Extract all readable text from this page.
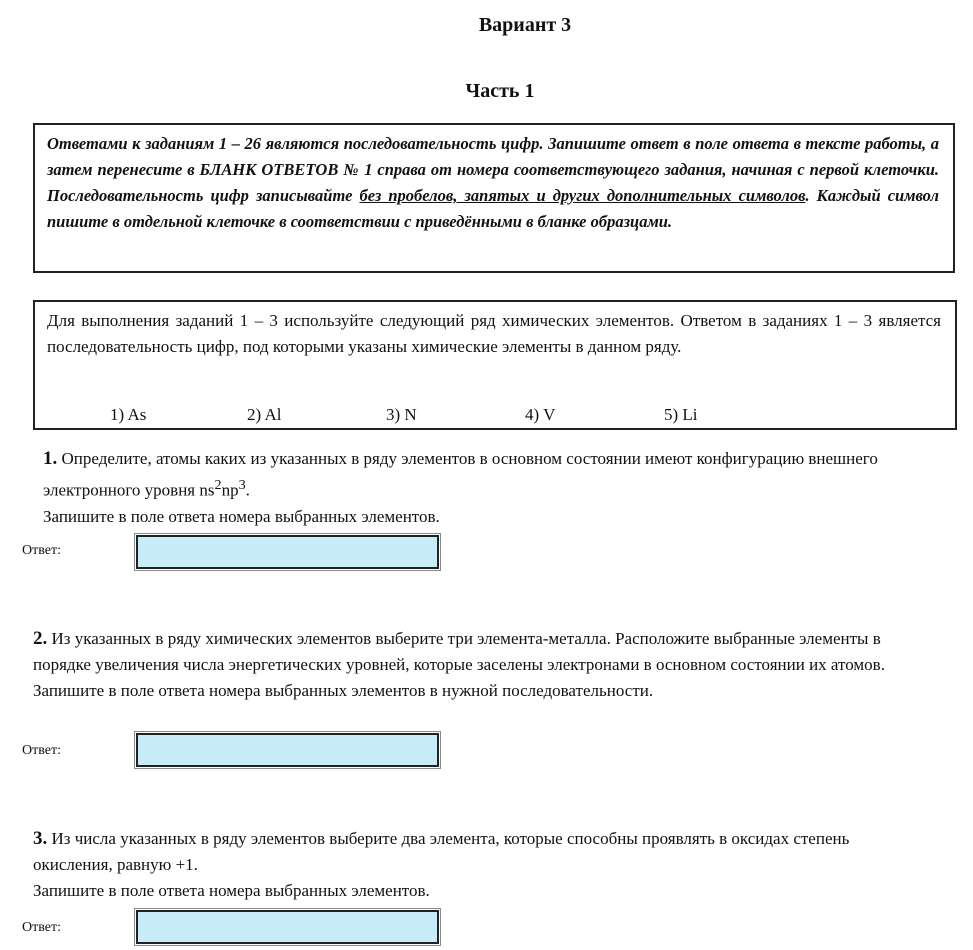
Вариант 3
Часть 1
Ответами к заданиям 1 – 26 являются последовательность цифр. Запишите ответ в поле ответа в тексте работы, а затем перенесите в БЛАНК ОТВЕТОВ № 1 справа от номера соответствующего задания, начиная с первой клеточки. Последовательность цифр записывайте без пробелов, запятых и других дополнительных символов. Каждый символ пишите в отдельной клеточке в соответствии с приведёнными в бланке образцами.
Для выполнения заданий 1 – 3 используйте следующий ряд химических элементов. Ответом в заданиях 1 – 3 является последовательность цифр, под которыми указаны химические элементы в данном ряду.
1) As	2) Al	3) N	4) V	5) Li
1. Определите, атомы каких из указанных в ряду элементов в основном состоянии имеют конфигурацию внешнего электронного уровня $ns^2np^3$.
Запишите в поле ответа номера выбранных элементов.
Ответ:
2. Из указанных в ряду химических элементов выберите три элемента-металла. Расположите выбранные элементы в порядке увеличения числа энергетических уровней, которые заселены электронами в основном состоянии их атомов.
Запишите в поле ответа номера выбранных элементов в нужной последовательности.
Ответ:
3. Из числа указанных в ряду элементов выберите два элемента, которые способны проявлять в оксидах степень окисления, равную +1.
Запишите в поле ответа номера выбранных элементов.
Ответ:
